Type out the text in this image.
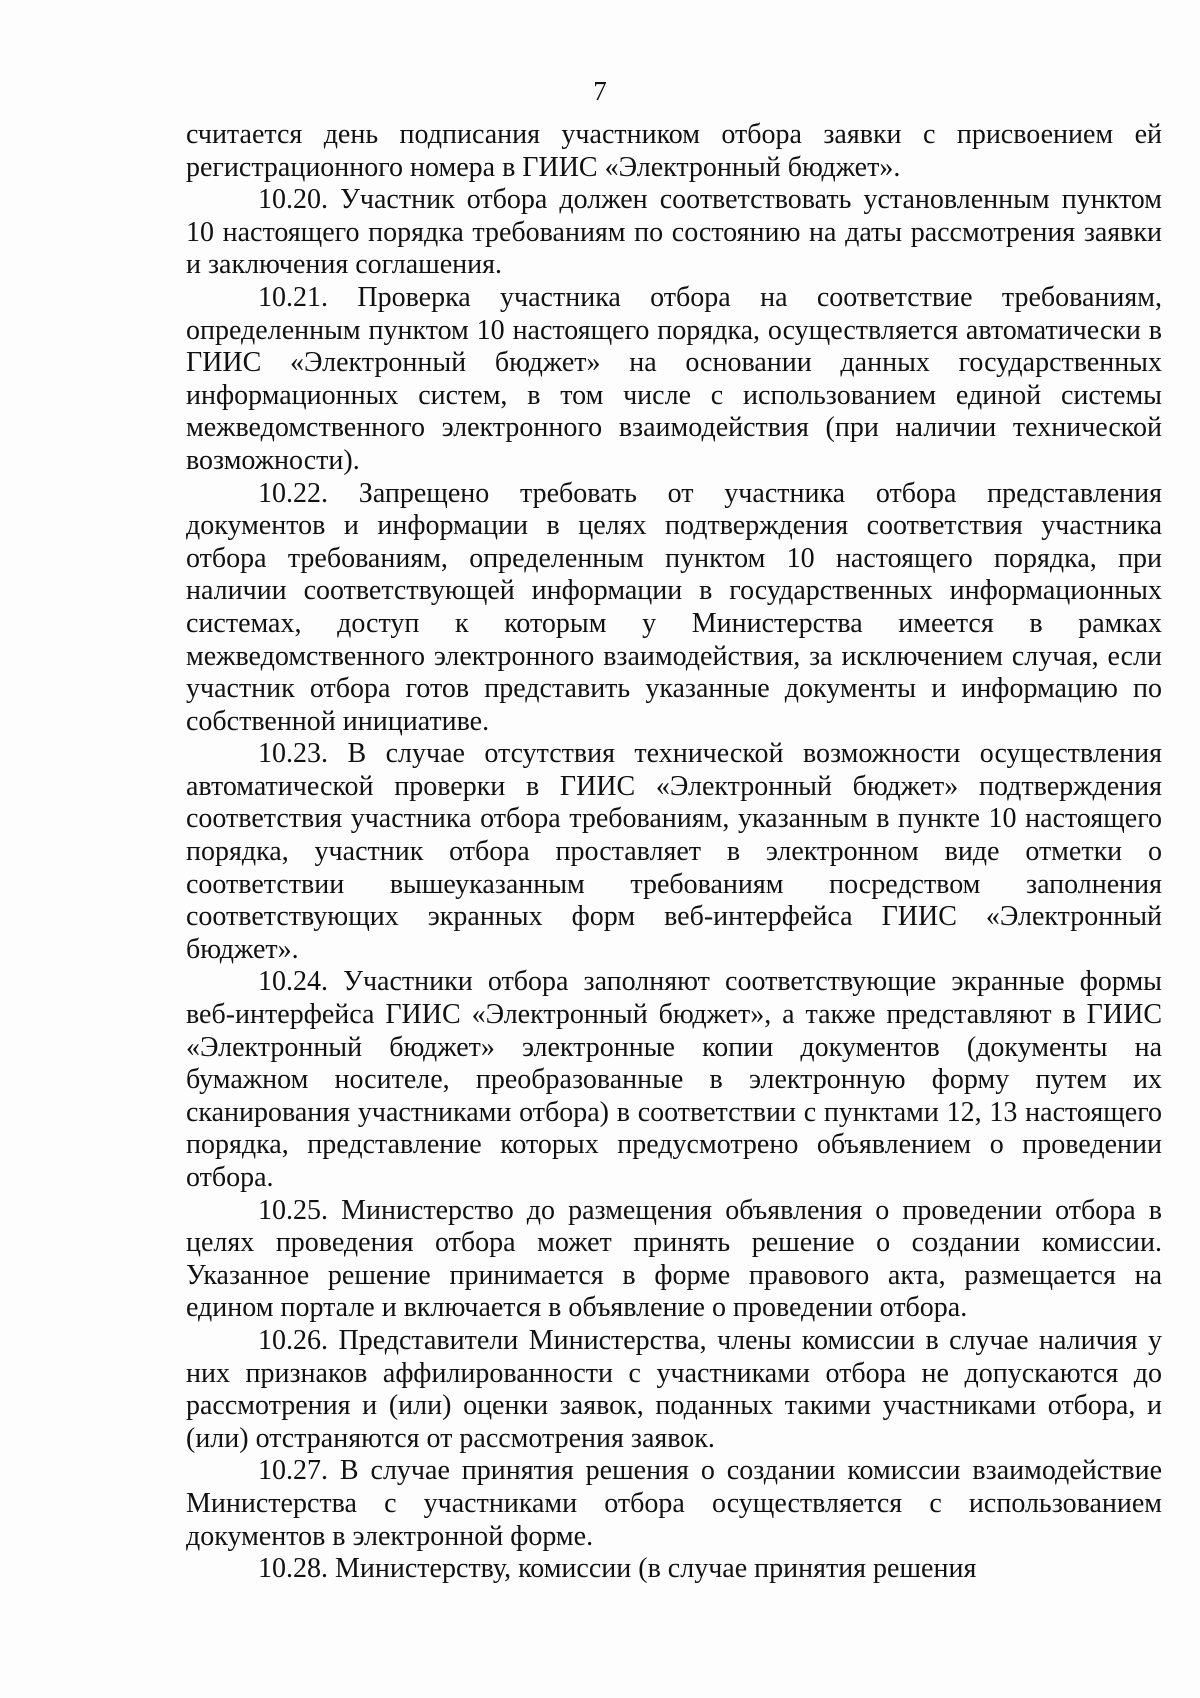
7

считается день подписания участником отбора заявки с присвоением ей регистрационного номера в ГИИС «Электронный бюджет».

10.20. Участник отбора должен соответствовать установленным пунктом 10 настоящего порядка требованиям по состоянию на даты рассмотрения заявки и заключения соглашения.

10.21. Проверка участника отбора на соответствие требованиям, определенным пунктом 10 настоящего порядка, осуществляется автоматически в ГИИС «Электронный бюджет» на основании данных государственных информационных систем, в том числе с использованием единой системы межведомственного электронного взаимодействия (при наличии технической возможности).

10.22. Запрещено требовать от участника отбора представления документов и информации в целях подтверждения соответствия участника отбора требованиям, определенным пунктом 10 настоящего порядка, при наличии соответствующей информации в государственных информационных системах, доступ к которым у Министерства имеется в рамках межведомственного электронного взаимодействия, за исключением случая, если участник отбора готов представить указанные документы и информацию по собственной инициативе.

10.23. В случае отсутствия технической возможности осуществления автоматической проверки в ГИИС «Электронный бюджет» подтверждения соответствия участника отбора требованиям, указанным в пункте 10 настоящего порядка, участник отбора проставляет в электронном виде отметки о соответствии вышеуказанным требованиям посредством заполнения соответствующих экранных форм веб-интерфейса ГИИС «Электронный бюджет».

10.24. Участники отбора заполняют соответствующие экранные формы веб-интерфейса ГИИС «Электронный бюджет», а также представляют в ГИИС «Электронный бюджет» электронные копии документов (документы на бумажном носителе, преобразованные в электронную форму путем их сканирования участниками отбора) в соответствии с пунктами 12, 13 настоящего порядка, представление которых предусмотрено объявлением о проведении отбора.

10.25. Министерство до размещения объявления о проведении отбора в целях проведения отбора может принять решение о создании комиссии. Указанное решение принимается в форме правового акта, размещается на едином портале и включается в объявление о проведении отбора.

10.26. Представители Министерства, члены комиссии в случае наличия у них признаков аффилированности с участниками отбора не допускаются до рассмотрения и (или) оценки заявок, поданных такими участниками отбора, и (или) отстраняются от рассмотрения заявок.

10.27. В случае принятия решения о создании комиссии взаимодействие Министерства с участниками отбора осуществляется с использованием документов в электронной форме.

10.28. Министерству, комиссии (в случае принятия решения
